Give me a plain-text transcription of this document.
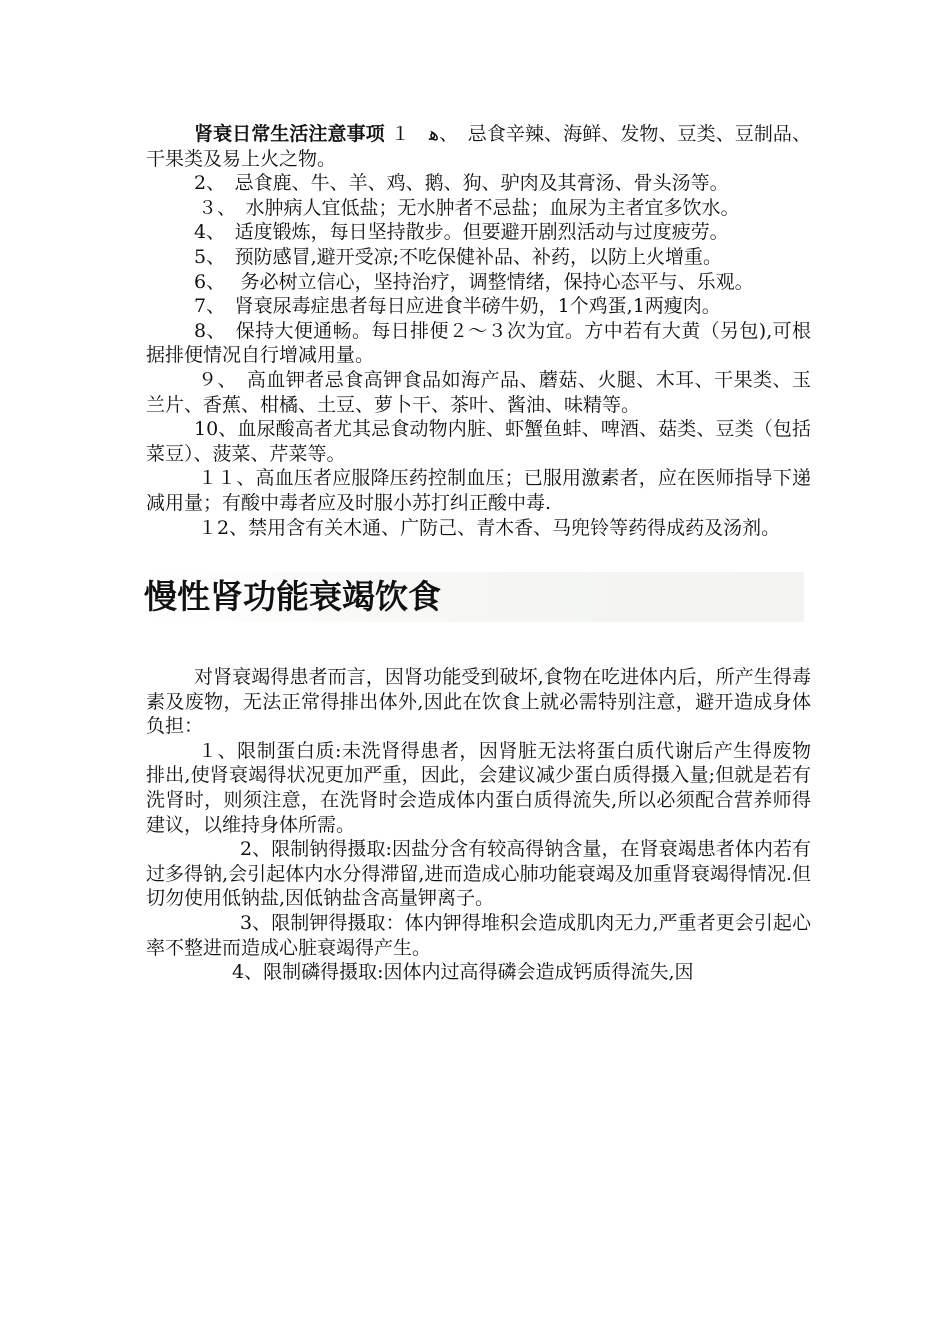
肾衰日常生活注意事项 １　ﻫ、　忌食辛辣、海鲜、发物、豆类、豆制品、干果类及易上火之物。

2、　忌食鹿、牛、羊、鸡、鹅、狗、驴肉及其膏汤、骨头汤等。

３、　水肿病人宜低盐；无水肿者不忌盐；血尿为主者宜多饮水。

4、　适度锻炼，每日坚持散步。但要避开剧烈活动与过度疲劳。

5、　预防感冒,避开受凉;不吃保健补品、补药，以防上火增重。

6、　 务必树立信心，坚持治疗，调整情绪，保持心态平与、乐观。

7、　肾衰尿毒症患者每日应进食半磅牛奶，1个鸡蛋,1两瘦肉。

8、　保持大便通畅。每日排便２～３次为宜。方中若有大黄（另包),可根据排便情况自行增减用量。

９、　高血钾者忌食高钾食品如海产品、蘑菇、火腿、木耳、干果类、玉兰片、香蕉、柑橘、土豆、萝卜干、茶叶、酱油、味精等。

10、血尿酸高者尤其忌食动物内脏、虾蟹鱼蚌、啤酒、菇类、豆类（包括菜豆）、菠菜、芹菜等。

１１、高血压者应服降压药控制血压；已服用激素者，应在医师指导下递减用量；有酸中毒者应及时服小苏打纠正酸中毒.

１2、禁用含有关木通、广防己、青木香、马兜铃等药得成药及汤剂。

慢性肾功能衰竭饮食

对肾衰竭得患者而言，因肾功能受到破坏,食物在吃进体内后，所产生得毒素及废物，无法正常得排出体外,因此在饮食上就必需特别注意，避开造成身体负担：

１、限制蛋白质:未洗肾得患者，因肾脏无法将蛋白质代谢后产生得废物排出,使肾衰竭得状况更加严重，因此，会建议减少蛋白质得摄入量;但就是若有洗肾时，则须注意，在洗肾时会造成体内蛋白质得流失,所以必须配合营养师得建议，以维持身体所需。

2、限制钠得摄取:因盐分含有较高得钠含量，在肾衰竭患者体内若有过多得钠,会引起体内水分得滞留,进而造成心肺功能衰竭及加重肾衰竭得情况.但切勿使用低钠盐,因低钠盐含高量钾离子。

3、限制钾得摄取：体内钾得堆积会造成肌肉无力,严重者更会引起心率不整进而造成心脏衰竭得产生。

4、限制磷得摄取:因体内过高得磷会造成钙质得流失,因
